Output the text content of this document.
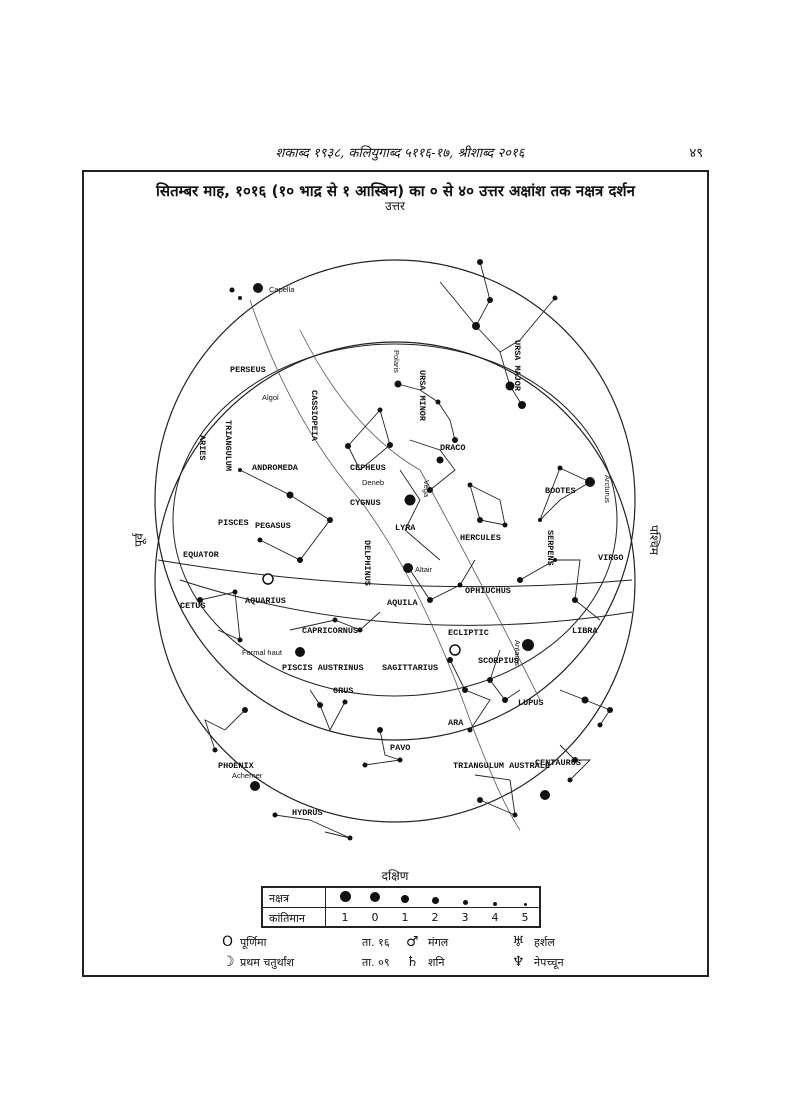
शकाब्द १९३८, कलियुगाब्द ५११६-१७, श्रीशाब्द २०१६	४९
सितम्बर माह, १०१६ (१० भाद्र से १ आस्बिन) का ० से ४० उत्तर अक्षांश तक नक्षत्र दर्शन
उत्तर
दक्षिण
पूर्व	पश्चिम
PERSEUS
CASSIOPEIA
TRIANGULUM
ARIES
ANDROMEDA	CEPHEUS
URSA MINOR
URSA MAJOR
DRACO
CYGNUS
LYRA
BOOTES
HERCULES	SERPENS
PISCES PEGASUS
DELPHINUS
AQUILA
OPHIUCHUS
VIRGO
AQUARIUS
CETUS
CAPRICORNUS	LIBRA
SCORPIUS
SAGITTARIUS
PISCIS AUSTRINUS
GRUS
LUPUS
ARA
PAVO
PHOENIX	CENTAURUS
TRIANGULUM AUSTRALE
HYDRUS
Capella
Polaris
Algol
Deneb	Vega
Altair
Arcturus
Antares
Formal haut
Acherner
EQUATOR
ECLIPTIC
नक्षत्र
कांतिमान	1	0	1	2	3	4	5
O पूर्णिमा	ता. १६ ♂ मंगल	♅ हर्शल
☽ प्रथम चतुर्थांश	ता. ०९ ♄ शनि	♆ नेपच्चून
